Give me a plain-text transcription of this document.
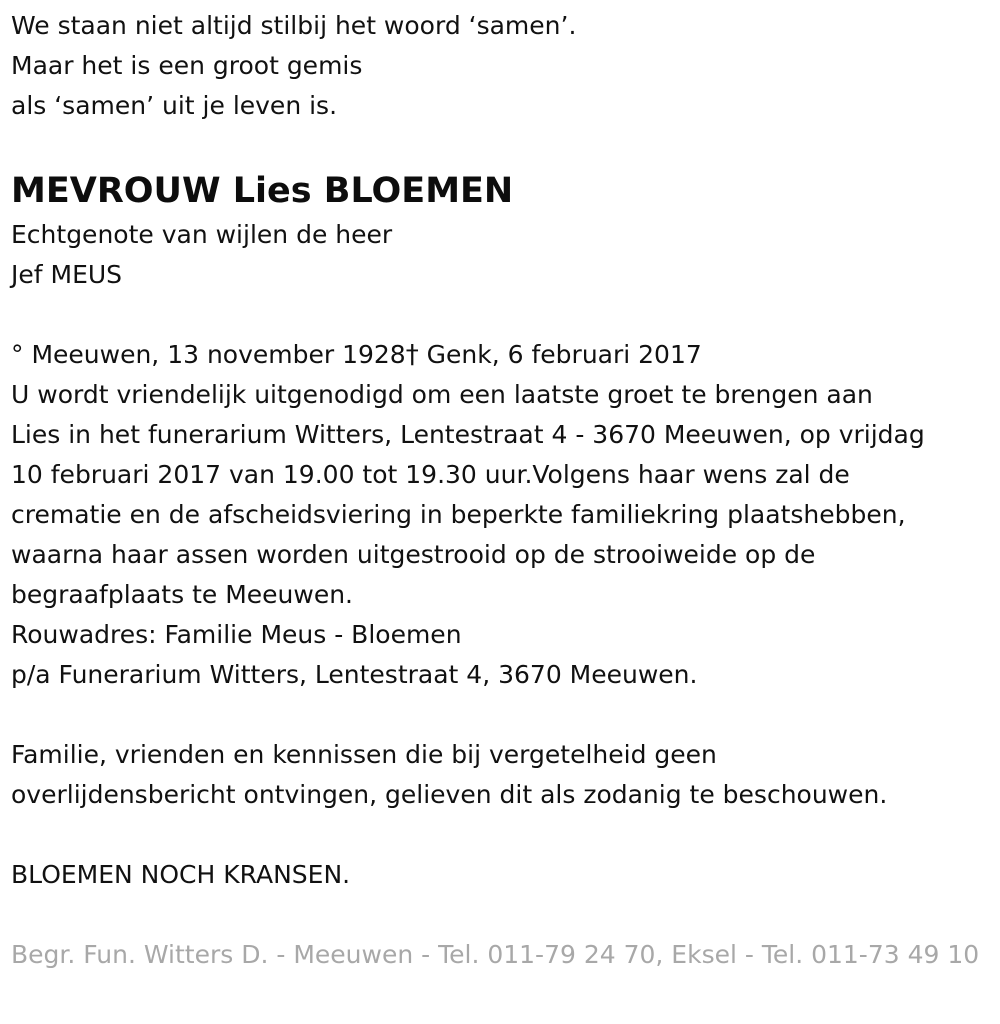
We staan niet altijd stilbij het woord ‘samen’.
Maar het is een groot gemis
als ‘samen’ uit je leven is.
MEVROUW Lies BLOEMEN
Echtgenote van wijlen de heer
Jef MEUS
° Meeuwen, 13 november 1928† Genk, 6 februari 2017
U wordt vriendelijk uitgenodigd om een laatste groet te brengen aan
Lies in het funerarium Witters, Lentestraat 4 - 3670 Meeuwen, op vrijdag
10 februari 2017 van 19.00 tot 19.30 uur.Volgens haar wens zal de
crematie en de afscheidsviering in beperkte familiekring plaatshebben,
waarna haar assen worden uitgestrooid op de strooiweide op de
begraafplaats te Meeuwen.
Rouwadres: Familie Meus - Bloemen
p/a Funerarium Witters, Lentestraat 4, 3670 Meeuwen.
Familie, vrienden en kennissen die bij vergetelheid geen
overlijdensbericht ontvingen, gelieven dit als zodanig te beschouwen.
BLOEMEN NOCH KRANSEN.
Begr. Fun. Witters D. - Meeuwen - Tel. 011-79 24 70, Eksel - Tel. 011-73 49 10
